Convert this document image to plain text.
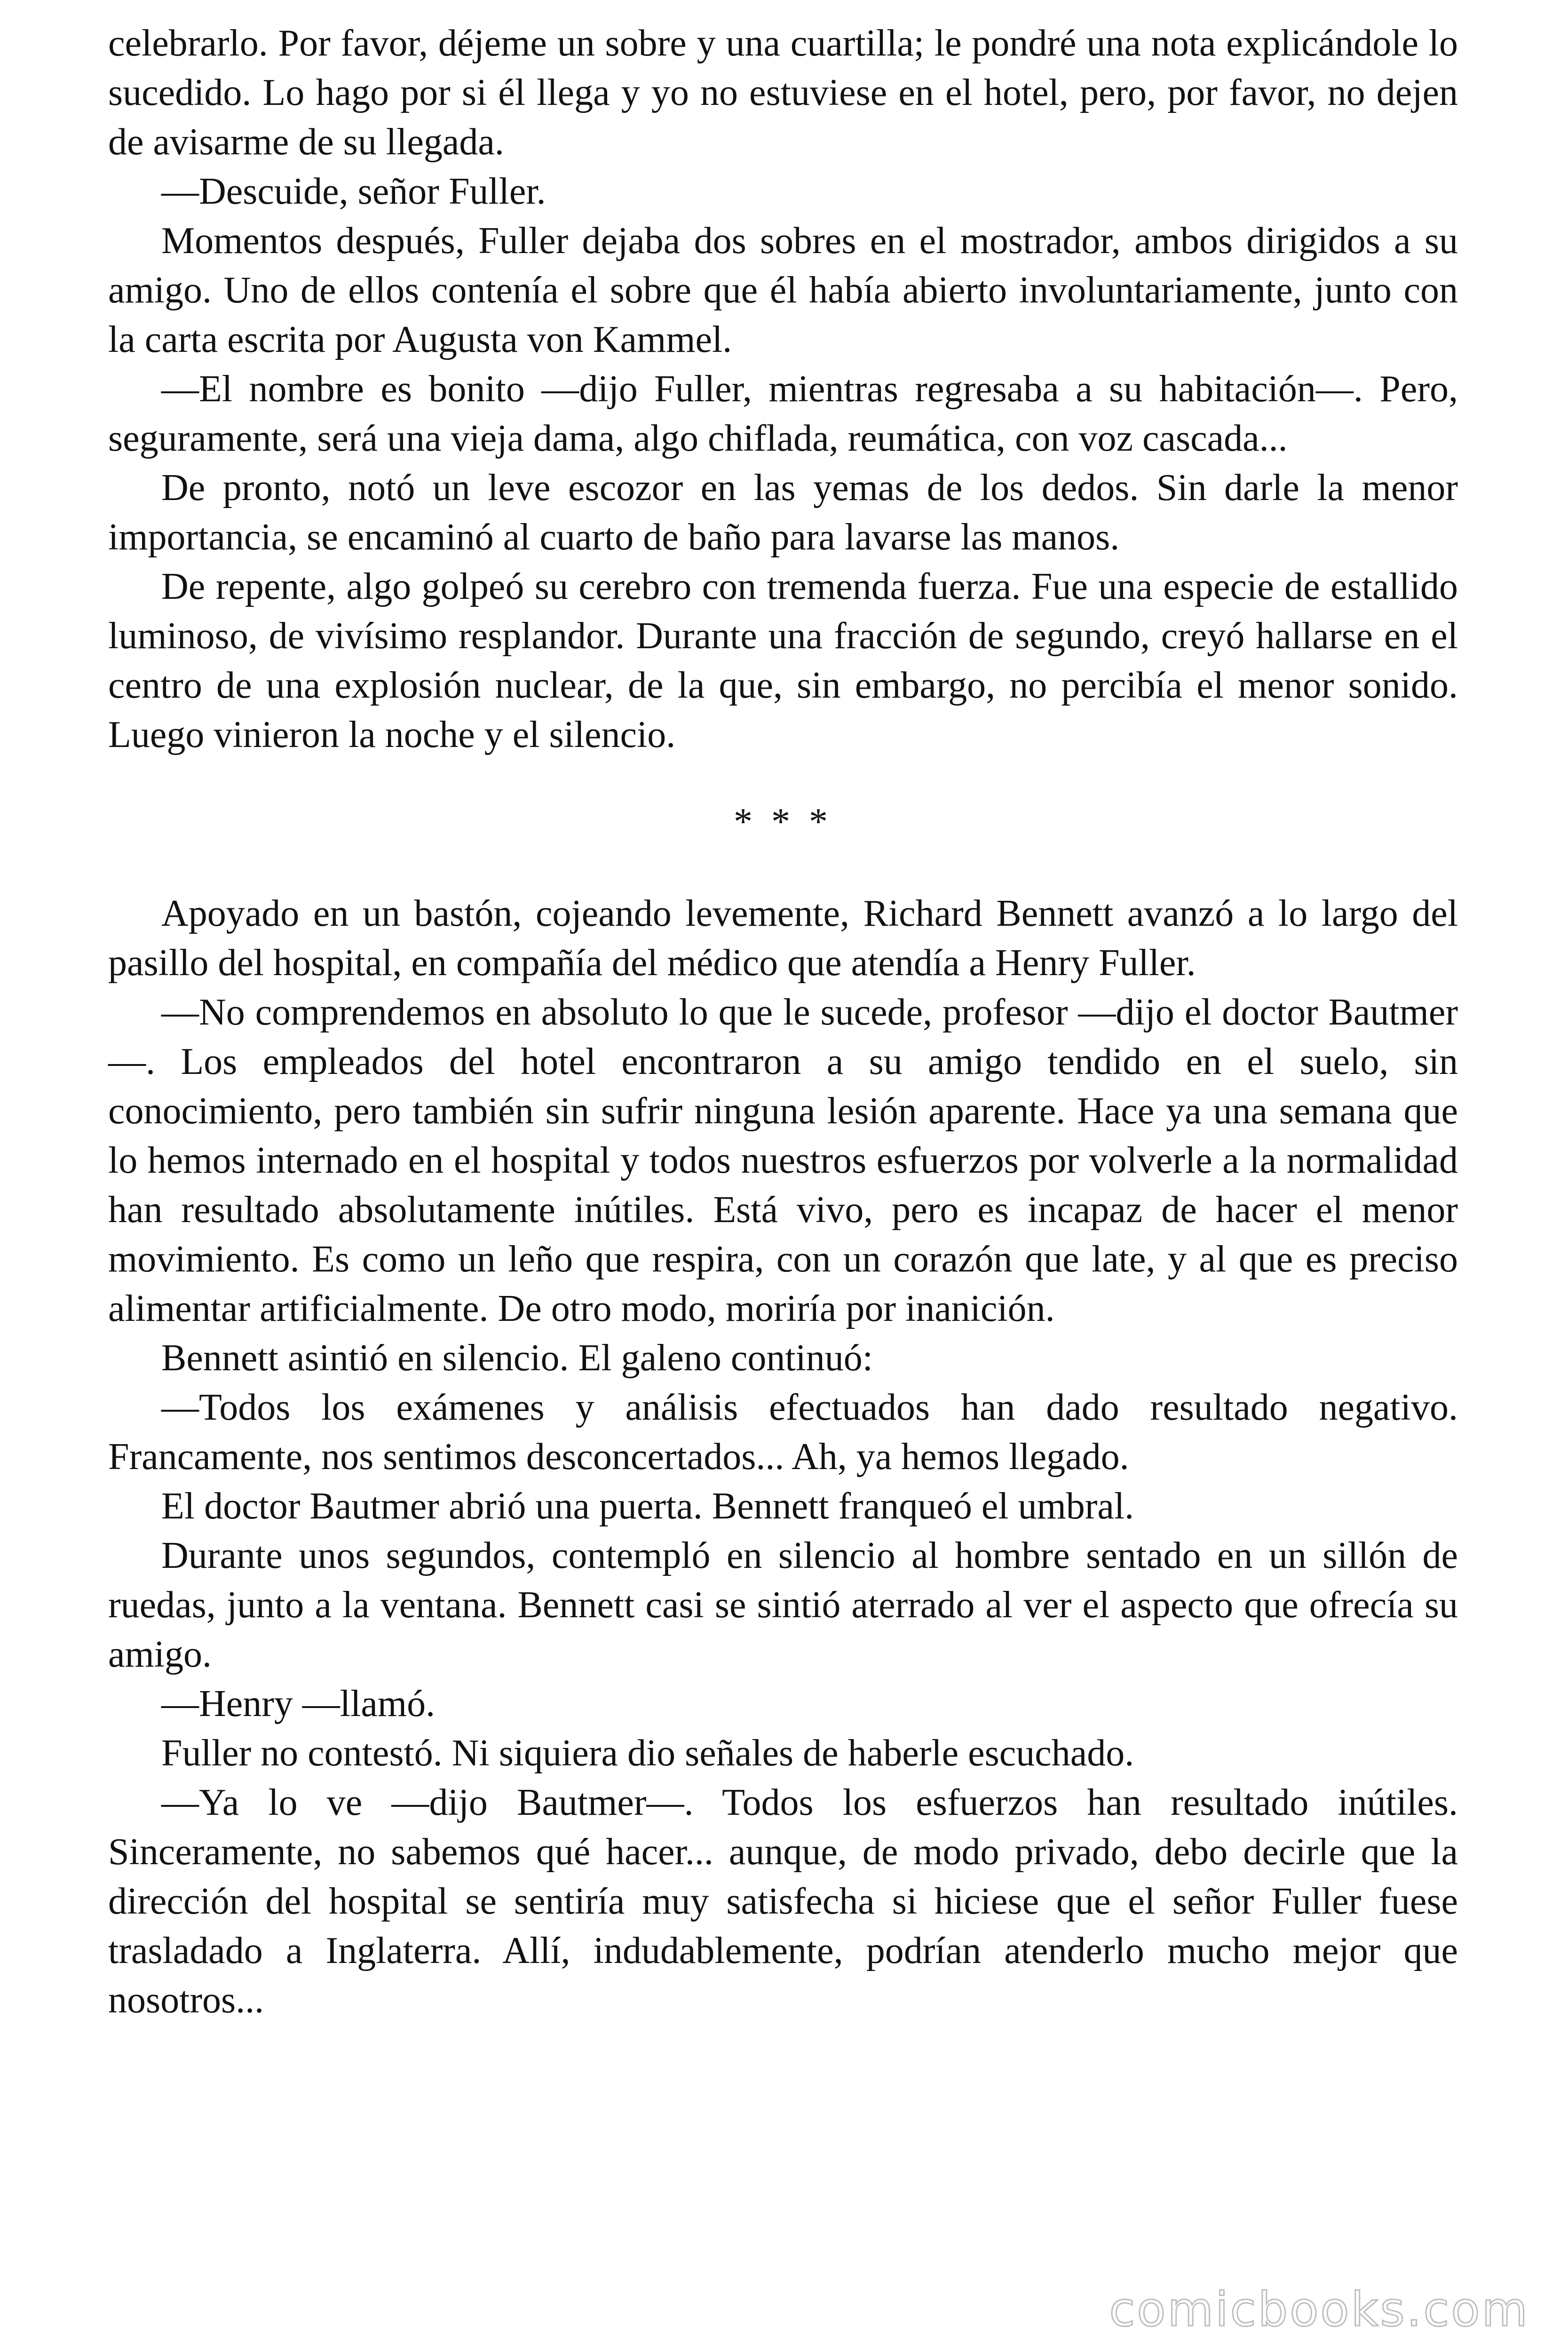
celebrarlo. Por favor, déjeme un sobre y una cuartilla; le pondré una nota explicándole lo sucedido. Lo hago por si él llega y yo no estuviese en el hotel, pero, por favor, no dejen de avisarme de su llegada.

—Descuide, señor Fuller.

Momentos después, Fuller dejaba dos sobres en el mostrador, ambos dirigidos a su amigo. Uno de ellos contenía el sobre que él había abierto involuntariamente, junto con la carta escrita por Augusta von Kammel.

—El nombre es bonito —dijo Fuller, mientras regresaba a su habitación—. Pero, seguramente, será una vieja dama, algo chiflada, reumática, con voz cascada...

De pronto, notó un leve escozor en las yemas de los dedos. Sin darle la menor importancia, se encaminó al cuarto de baño para lavarse las manos.

De repente, algo golpeó su cerebro con tremenda fuerza. Fue una especie de estallido luminoso, de vivísimo resplandor. Durante una fracción de segundo, creyó hallarse en el centro de una explosión nuclear, de la que, sin embargo, no percibía el menor sonido. Luego vinieron la noche y el silencio.

* * *

Apoyado en un bastón, cojeando levemente, Richard Bennett avanzó a lo largo del pasillo del hospital, en compañía del médico que atendía a Henry Fuller.

—No comprendemos en absoluto lo que le sucede, profesor —dijo el doctor Bautmer—. Los empleados del hotel encontraron a su amigo tendido en el suelo, sin conocimiento, pero también sin sufrir ninguna lesión aparente. Hace ya una semana que lo hemos internado en el hospital y todos nuestros esfuerzos por volverle a la normalidad han resultado absolutamente inútiles. Está vivo, pero es incapaz de hacer el menor movimiento. Es como un leño que respira, con un corazón que late, y al que es preciso alimentar artificialmente. De otro modo, moriría por inanición.

Bennett asintió en silencio. El galeno continuó:

—Todos los exámenes y análisis efectuados han dado resultado negativo. Francamente, nos sentimos desconcertados... Ah, ya hemos llegado.

El doctor Bautmer abrió una puerta. Bennett franqueó el umbral.

Durante unos segundos, contempló en silencio al hombre sentado en un sillón de ruedas, junto a la ventana. Bennett casi se sintió aterrado al ver el aspecto que ofrecía su amigo.

—Henry —llamó.

Fuller no contestó. Ni siquiera dio señales de haberle escuchado.

—Ya lo ve —dijo Bautmer—. Todos los esfuerzos han resultado inútiles. Sinceramente, no sabemos qué hacer... aunque, de modo privado, debo decirle que la dirección del hospital se sentiría muy satisfecha si hiciese que el señor Fuller fuese trasladado a Inglaterra. Allí, indudablemente, podrían atenderlo mucho mejor que nosotros...

comicbooks.com
